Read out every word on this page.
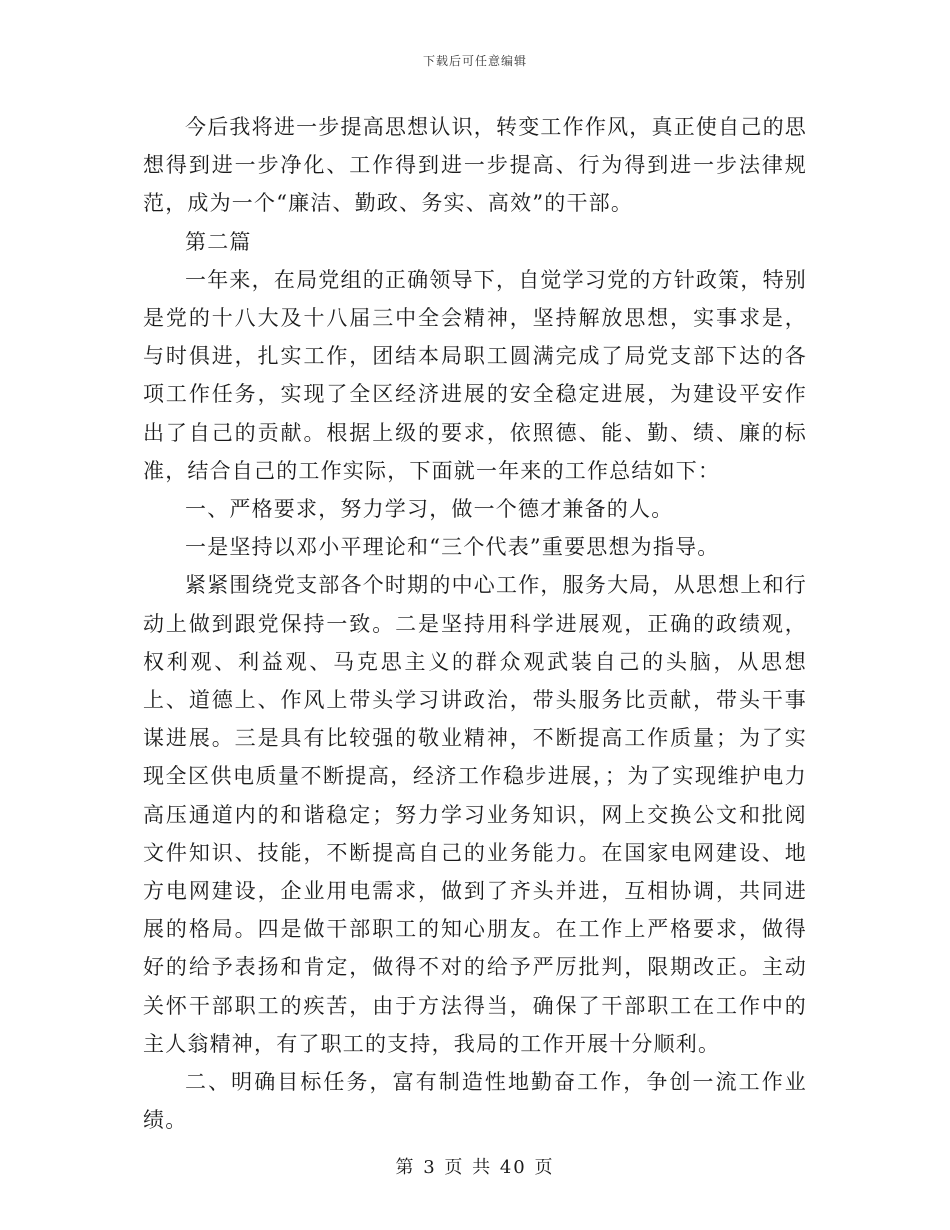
下载后可任意编辑

今后我将进一步提高思想认识，转变工作作风，真正使自己的思想得到进一步净化、工作得到进一步提高、行为得到进一步法律规范，成为一个“廉洁、勤政、务实、高效”的干部。

第二篇

一年来，在局党组的正确领导下，自觉学习党的方针政策，特别是党的十八大及十八届三中全会精神，坚持解放思想，实事求是，与时俱进，扎实工作，团结本局职工圆满完成了局党支部下达的各项工作任务，实现了全区经济进展的安全稳定进展，为建设平安作出了自己的贡献。根据上级的要求，依照德、能、勤、绩、廉的标准，结合自己的工作实际，下面就一年来的工作总结如下：

一、严格要求，努力学习，做一个德才兼备的人。

一是坚持以邓小平理论和“三个代表”重要思想为指导。

紧紧围绕党支部各个时期的中心工作，服务大局，从思想上和行动上做到跟党保持一致。二是坚持用科学进展观，正确的政绩观，权利观、利益观、马克思主义的群众观武装自己的头脑，从思想上、道德上、作风上带头学习讲政治，带头服务比贡献，带头干事谋进展。三是具有比较强的敬业精神，不断提高工作质量；为了实现全区供电质量不断提高，经济工作稳步进展，；为了实现维护电力高压通道内的和谐稳定；努力学习业务知识，网上交换公文和批阅文件知识、技能，不断提高自己的业务能力。在国家电网建设、地方电网建设，企业用电需求，做到了齐头并进，互相协调，共同进展的格局。四是做干部职工的知心朋友。在工作上严格要求，做得好的给予表扬和肯定，做得不对的给予严厉批判，限期改正。主动关怀干部职工的疾苦，由于方法得当，确保了干部职工在工作中的主人翁精神，有了职工的支持，我局的工作开展十分顺利。

二、明确目标任务，富有制造性地勤奋工作，争创一流工作业绩。

第 3 页 共 40 页
